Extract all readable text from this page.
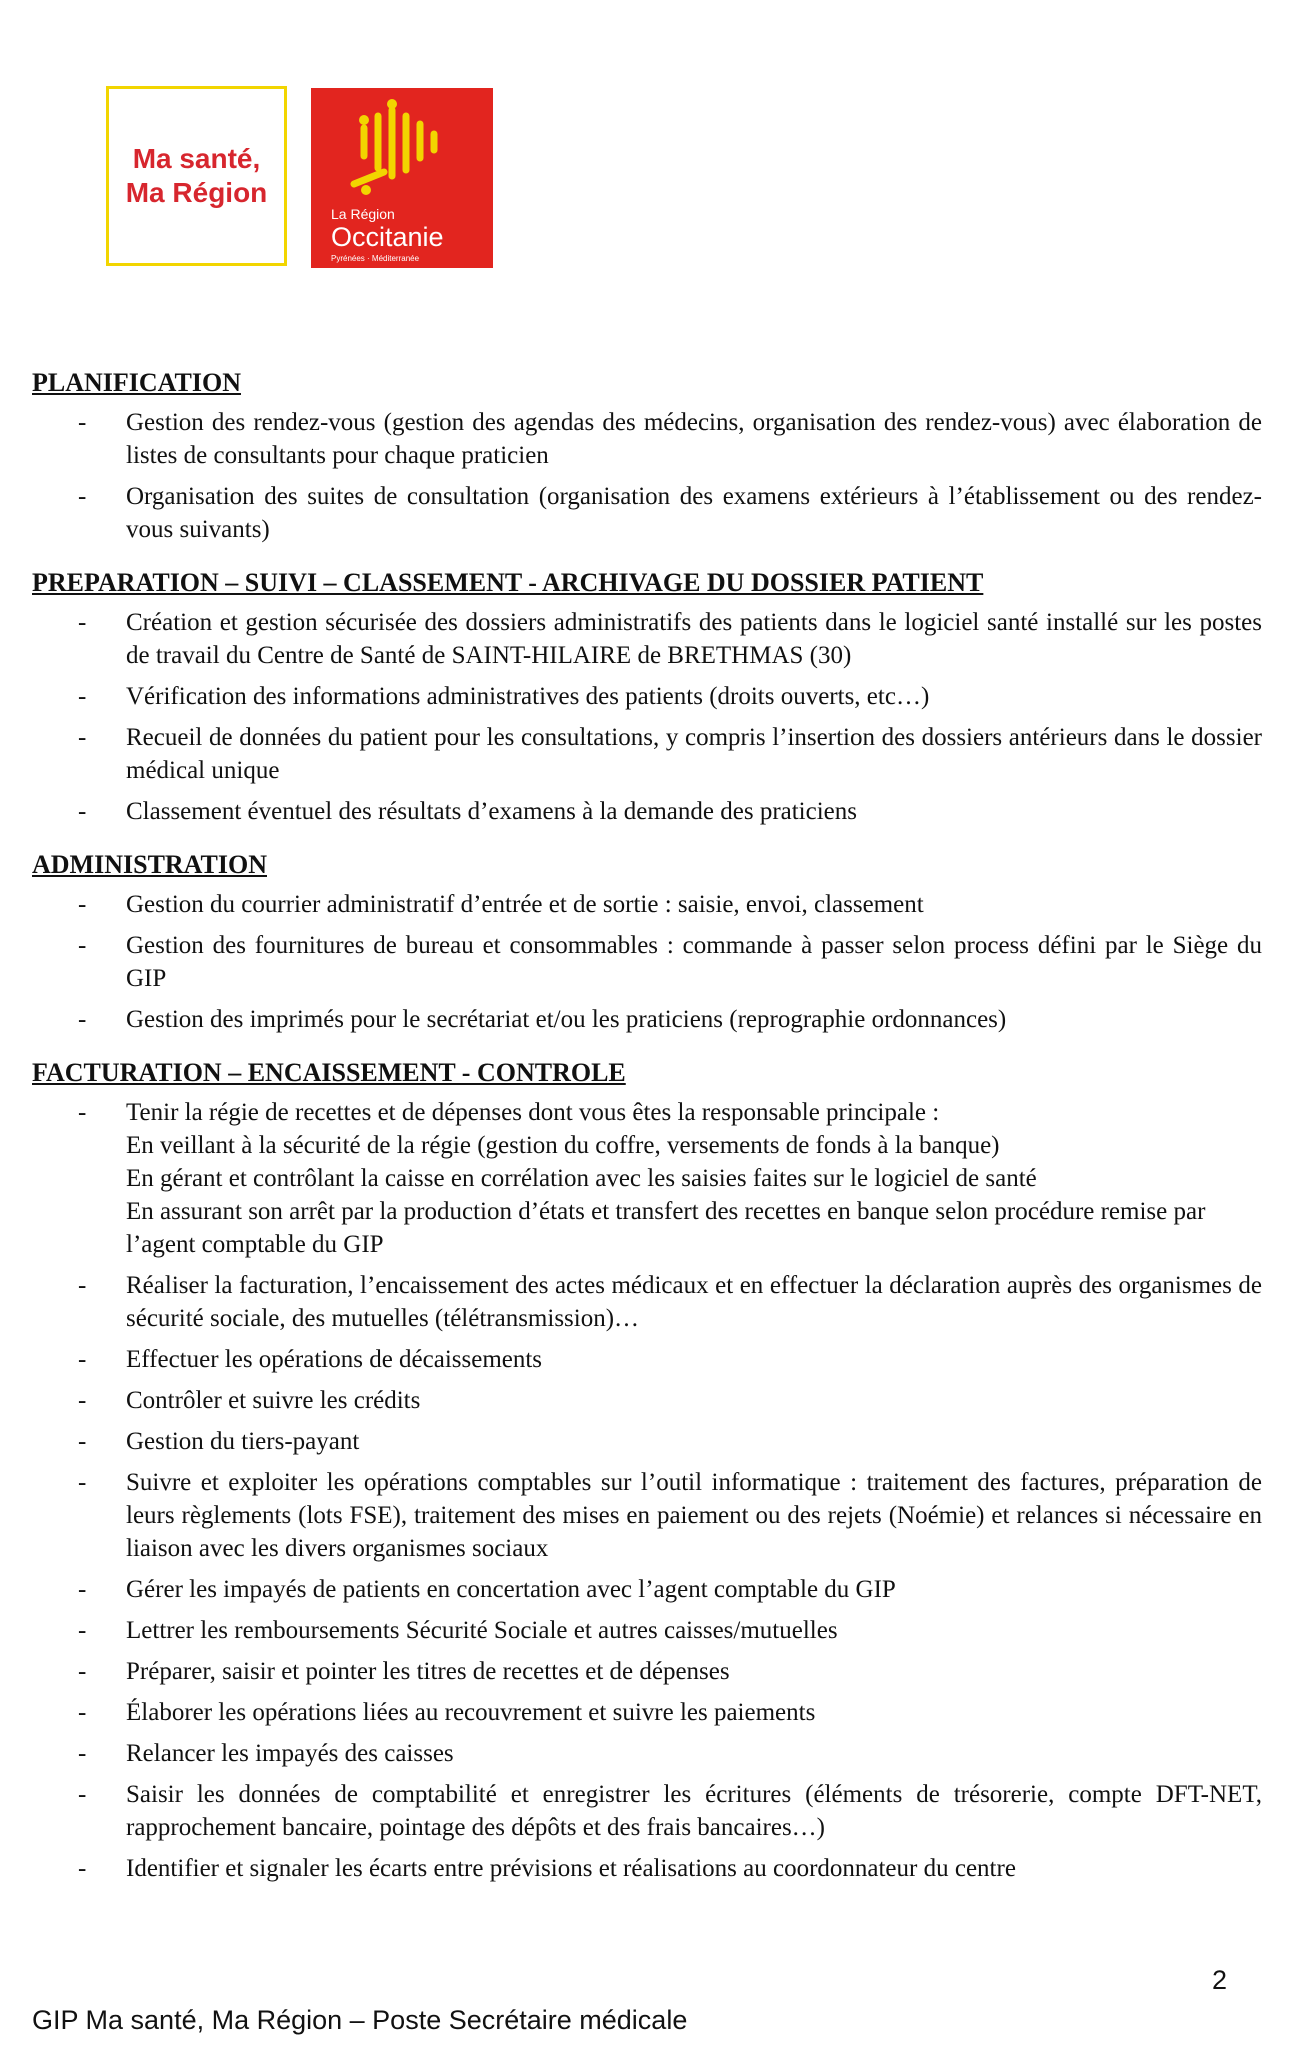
Ma santé,
Ma Région
La Région
Occitanie
Pyrénées · Méditerranée
PLANIFICATION
- Gestion des rendez-vous (gestion des agendas des médecins, organisation des rendez-vous) avec élaboration de listes de consultants pour chaque praticien
- Organisation des suites de consultation (organisation des examens extérieurs à l’établissement ou des rendez-vous suivants)
PREPARATION – SUIVI – CLASSEMENT - ARCHIVAGE DU DOSSIER PATIENT
- Création et gestion sécurisée des dossiers administratifs des patients dans le logiciel santé installé sur les postes de travail du Centre de Santé de SAINT-HILAIRE de BRETHMAS (30)
- Vérification des informations administratives des patients (droits ouverts, etc…)
- Recueil de données du patient pour les consultations, y compris l’insertion des dossiers antérieurs dans le dossier médical unique
- Classement éventuel des résultats d’examens à la demande des praticiens
ADMINISTRATION
- Gestion du courrier administratif d’entrée et de sortie : saisie, envoi, classement
- Gestion des fournitures de bureau et consommables : commande à passer selon process défini par le Siège du GIP
- Gestion des imprimés pour le secrétariat et/ou les praticiens (reprographie ordonnances)
FACTURATION – ENCAISSEMENT - CONTROLE
- Tenir la régie de recettes et de dépenses dont vous êtes la responsable principale :
En veillant à la sécurité de la régie (gestion du coffre, versements de fonds à la banque)
En gérant et contrôlant la caisse en corrélation avec les saisies faites sur le logiciel de santé
En assurant son arrêt par la production d’états et transfert des recettes en banque selon procédure remise par l’agent comptable du GIP
- Réaliser la facturation, l’encaissement des actes médicaux et en effectuer la déclaration auprès des organismes de sécurité sociale, des mutuelles (télétransmission)…
- Effectuer les opérations de décaissements
- Contrôler et suivre les crédits
- Gestion du tiers-payant
- Suivre et exploiter les opérations comptables sur l’outil informatique : traitement des factures, préparation de leurs règlements (lots FSE), traitement des mises en paiement ou des rejets (Noémie) et relances si nécessaire en liaison avec les divers organismes sociaux
- Gérer les impayés de patients en concertation avec l’agent comptable du GIP
- Lettrer les remboursements Sécurité Sociale et autres caisses/mutuelles
- Préparer, saisir et pointer les titres de recettes et de dépenses
- Élaborer les opérations liées au recouvrement et suivre les paiements
- Relancer les impayés des caisses
- Saisir les données de comptabilité et enregistrer les écritures (éléments de trésorerie, compte DFT-NET, rapprochement bancaire, pointage des dépôts et des frais bancaires…)
- Identifier et signaler les écarts entre prévisions et réalisations au coordonnateur du centre
2
GIP Ma santé, Ma Région – Poste Secrétaire médicale
